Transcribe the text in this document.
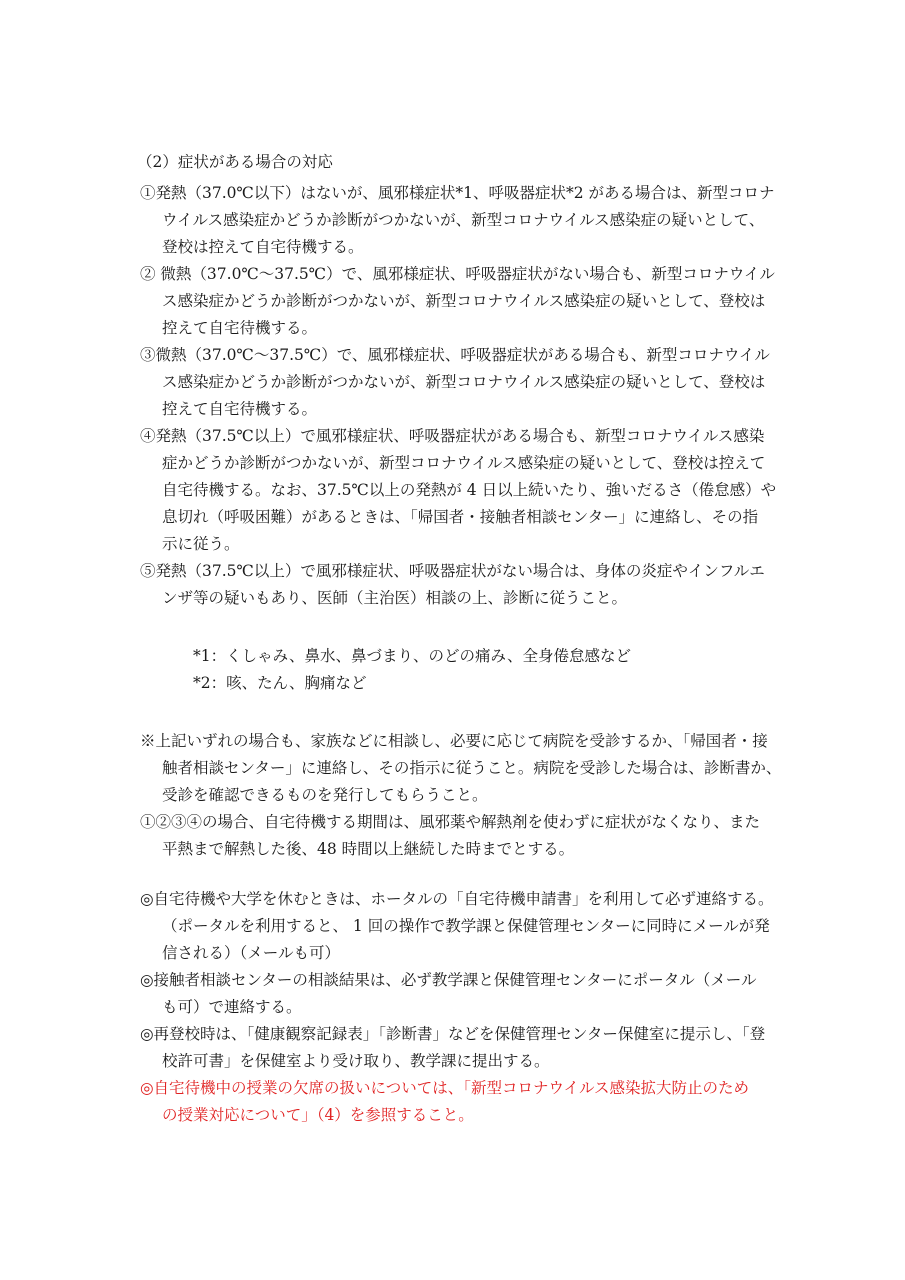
（2）症状がある場合の対応
①発熱（37.0℃以下）はないが、風邪様症状*1、呼吸器症状*2 がある場合は、新型コロナ
ウイルス感染症かどうか診断がつかないが、新型コロナウイルス感染症の疑いとして、
登校は控えて自宅待機する。
② 微熱（37.0℃～37.5℃）で、風邪様症状、呼吸器症状がない場合も、新型コロナウイル
ス感染症かどうか診断がつかないが、新型コロナウイルス感染症の疑いとして、登校は
控えて自宅待機する。
③微熱（37.0℃～37.5℃）で、風邪様症状、呼吸器症状がある場合も、新型コロナウイル
ス感染症かどうか診断がつかないが、新型コロナウイルス感染症の疑いとして、登校は
控えて自宅待機する。
④発熱（37.5℃以上）で風邪様症状、呼吸器症状がある場合も、新型コロナウイルス感染
症かどうか診断がつかないが、新型コロナウイルス感染症の疑いとして、登校は控えて
自宅待機する。なお、37.5℃以上の発熱が 4 日以上続いたり、強いだるさ（倦怠感）や
息切れ（呼吸困難）があるときは、「帰国者・接触者相談センター」に連絡し、その指
示に従う。
⑤発熱（37.5℃以上）で風邪様症状、呼吸器症状がない場合は、身体の炎症やインフルエ
ンザ等の疑いもあり、医師（主治医）相談の上、診断に従うこと。
*1：くしゃみ、鼻水、鼻づまり、のどの痛み、全身倦怠感など
*2：咳、たん、胸痛など
※上記いずれの場合も、家族などに相談し、必要に応じて病院を受診するか、「帰国者・接
触者相談センター」に連絡し、その指示に従うこと。病院を受診した場合は、診断書か、
受診を確認できるものを発行してもらうこと。
①②③④の場合、自宅待機する期間は、風邪薬や解熱剤を使わずに症状がなくなり、また
平熱まで解熱した後、48 時間以上継続した時までとする。
◎自宅待機や大学を休むときは、ホータルの「自宅待機申請書」を利用して必ず連絡する。
（ポータルを利用すると、 1 回の操作で教学課と保健管理センターに同時にメールが発
信される）（メールも可）
◎接触者相談センターの相談結果は、必ず教学課と保健管理センターにポータル（メール
も可）で連絡する。
◎再登校時は、「健康観察記録表」「診断書」などを保健管理センター保健室に提示し、「登
校許可書」を保健室より受け取り、教学課に提出する。
◎自宅待機中の授業の欠席の扱いについては、「新型コロナウイルス感染拡大防止のため
の授業対応について」（4）を参照すること。
